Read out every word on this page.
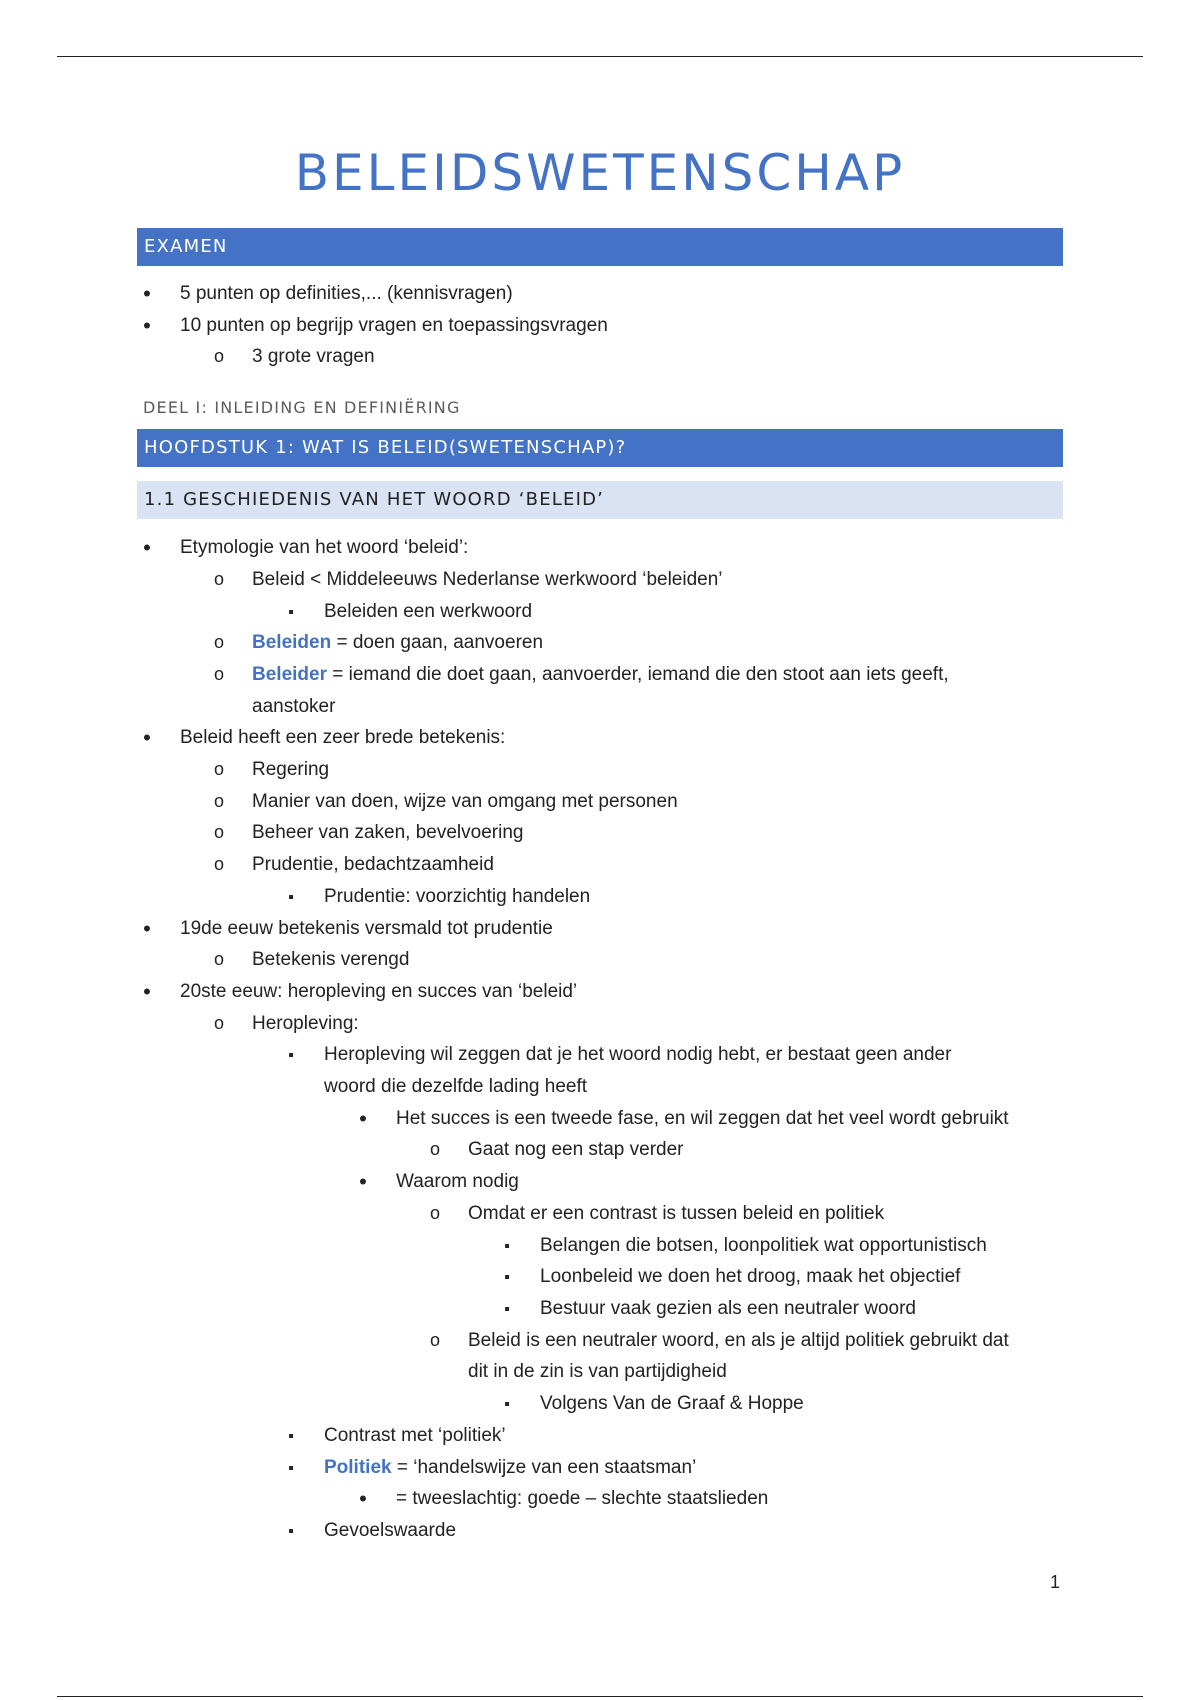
BELEIDSWETENSCHAP
EXAMEN
•
5 punten op definities,... (kennisvragen)
•
10 punten op begrijp vragen en toepassingsvragen
o
3 grote vragen
DEEL I: INLEIDING EN DEFINIËRING
HOOFDSTUK 1: WAT IS BELEID(SWETENSCHAP)?
1.1 GESCHIEDENIS VAN HET WOORD ‘BELEID’
•
Etymologie van het woord ‘beleid’:
o
Beleid < Middeleeuws Nederlanse werkwoord ‘beleiden’
▪
Beleiden een werkwoord
o
Beleiden = doen gaan, aanvoeren
o
Beleider = iemand die doet gaan, aanvoerder, iemand die den stoot aan iets geeft,
aanstoker
•
Beleid heeft een zeer brede betekenis:
o
Regering
o
Manier van doen, wijze van omgang met personen
o
Beheer van zaken, bevelvoering
o
Prudentie, bedachtzaamheid
▪
Prudentie: voorzichtig handelen
•
19de eeuw betekenis versmald tot prudentie
o
Betekenis verengd
•
20ste eeuw: heropleving en succes van ‘beleid’
o
Heropleving:
▪
Heropleving wil zeggen dat je het woord nodig hebt, er bestaat geen ander
woord die dezelfde lading heeft
•
Het succes is een tweede fase, en wil zeggen dat het veel wordt gebruikt
o
Gaat nog een stap verder
•
Waarom nodig
o
Omdat er een contrast is tussen beleid en politiek
▪
Belangen die botsen, loonpolitiek wat opportunistisch
▪
Loonbeleid we doen het droog, maak het objectief
▪
Bestuur vaak gezien als een neutraler woord
o
Beleid is een neutraler woord, en als je altijd politiek gebruikt dat
dit in de zin is van partijdigheid
▪
Volgens Van de Graaf & Hoppe
▪
Contrast met ‘politiek’
▪
Politiek = ‘handelswijze van een staatsman’
•
= tweeslachtig: goede – slechte staatslieden
▪
Gevoelswaarde
1
